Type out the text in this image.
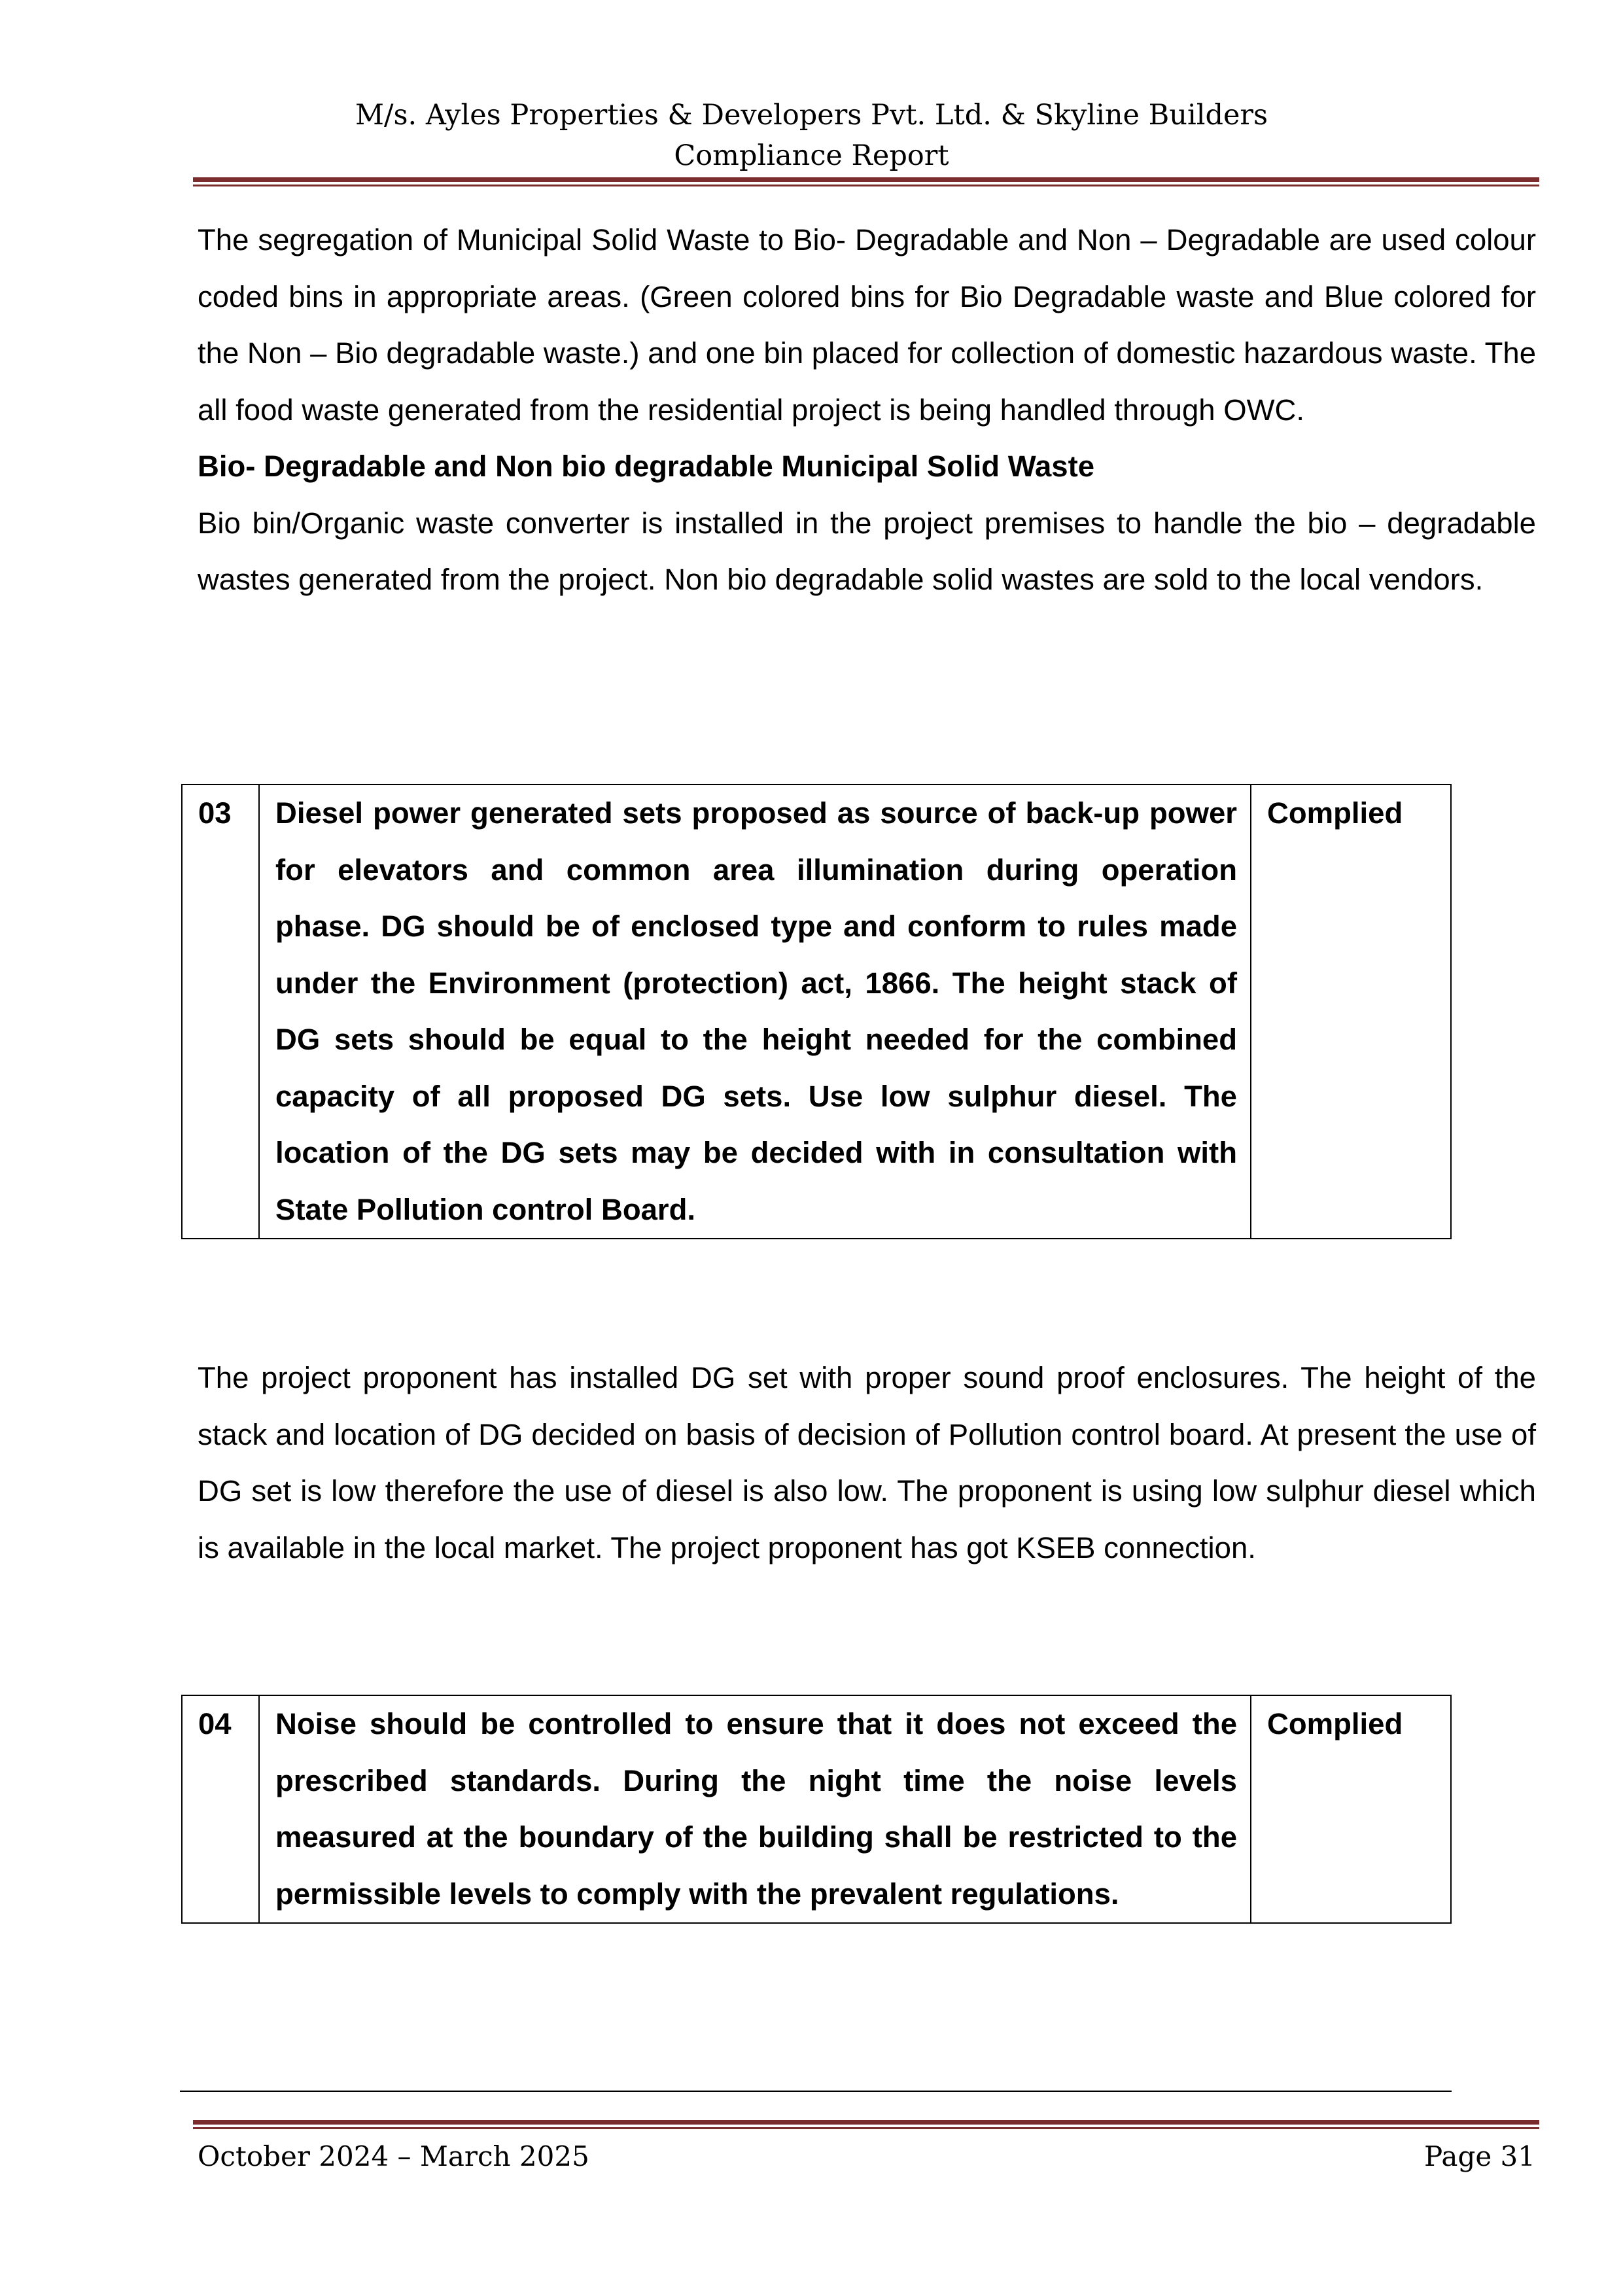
M/s. Ayles Properties & Developers Pvt. Ltd. & Skyline Builders
Compliance Report

The segregation of Municipal Solid Waste to Bio- Degradable and Non – Degradable are used colour coded bins in appropriate areas. (Green colored bins for Bio Degradable waste and Blue colored for the Non – Bio degradable waste.) and one bin placed for collection of domestic hazardous waste. The all food waste generated from the residential project is being handled through OWC.

Bio- Degradable and Non bio degradable Municipal Solid Waste

Bio bin/Organic waste converter is installed in the project premises to handle the bio – degradable wastes generated from the project. Non bio degradable solid wastes are sold to the local vendors.

03	Diesel power generated sets proposed as source of back-up power for elevators and common area illumination during operation phase. DG should be of enclosed type and conform to rules made under the Environment (protection) act, 1866. The height stack of DG sets should be equal to the height needed for the combined capacity of all proposed DG sets. Use low sulphur diesel. The location of the DG sets may be decided with in consultation with State Pollution control Board.	Complied

The project proponent has installed DG set with proper sound proof enclosures. The height of the stack and location of DG decided on basis of decision of Pollution control board. At present the use of DG set is low therefore the use of diesel is also low. The proponent is using low sulphur diesel which is available in the local market. The project proponent has got KSEB connection.

04	Noise should be controlled to ensure that it does not exceed the prescribed standards. During the night time the noise levels measured at the boundary of the building shall be restricted to the permissible levels to comply with the prevalent regulations.	Complied
October 2024 – March 2025	Page 31
